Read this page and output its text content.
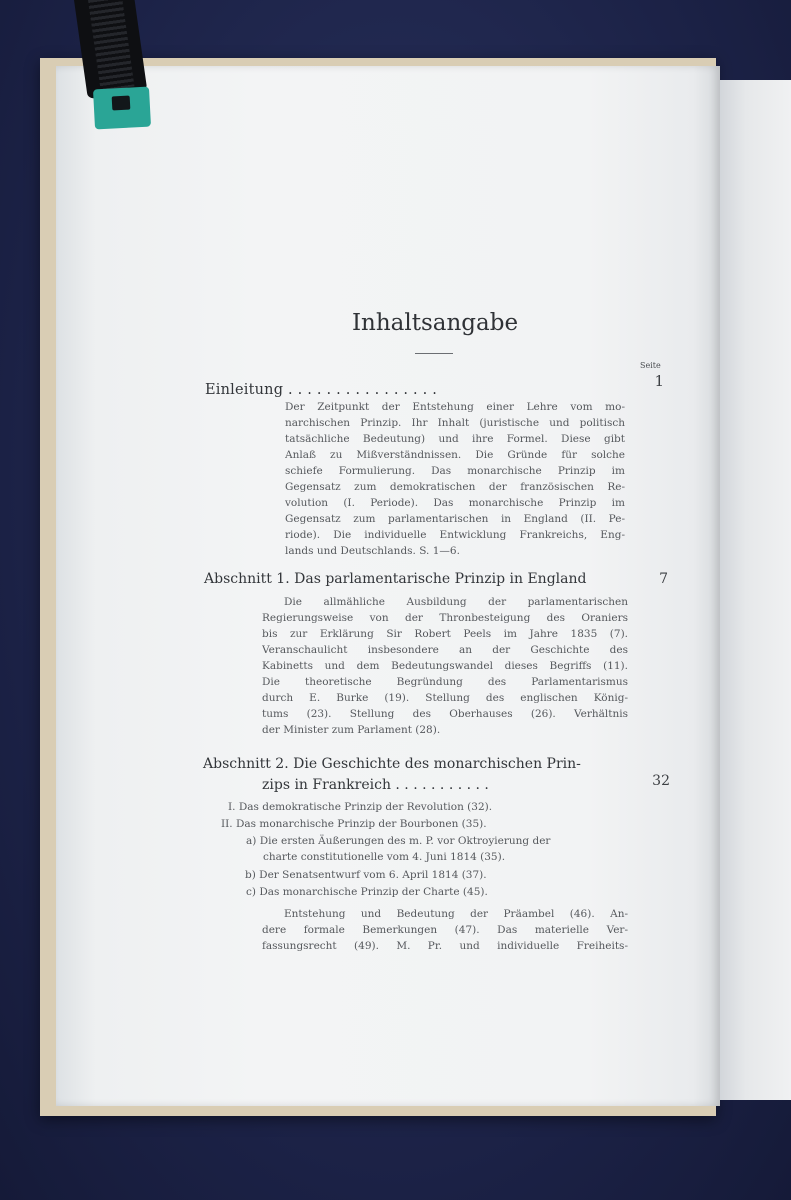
Inhaltsangabe
Seite
Einleitung . . . . . . . . . . . . . . . .	1
Der Zeitpunkt der Entstehung einer Lehre vom mo-
narchischen Prinzip. Ihr Inhalt (juristische und politisch
tatsächliche Bedeutung) und ihre Formel. Diese gibt
Anlaß zu Mißverständnissen. Die Gründe für solche
schiefe Formulierung. Das monarchische Prinzip im
Gegensatz zum demokratischen der französischen Re-
volution (I. Periode). Das monarchische Prinzip im
Gegensatz zum parlamentarischen in England (II. Pe-
riode). Die individuelle Entwicklung Frankreichs, Eng-
lands und Deutschlands. S. 1—6.
Abschnitt 1. Das parlamentarische Prinzip in England	7
Die allmähliche Ausbildung der parlamentarischen
Regierungsweise von der Thronbesteigung des Oraniers
bis zur Erklärung Sir Robert Peels im Jahre 1835 (7).
Veranschaulicht insbesondere an der Geschichte des
Kabinetts und dem Bedeutungswandel dieses Begriffs (11).
Die theoretische Begründung des Parlamentarismus
durch E. Burke (19). Stellung des englischen König-
tums (23). Stellung des Oberhauses (26). Verhältnis
der Minister zum Parlament (28).
Abschnitt 2. Die Geschichte des monarchischen Prin-
zips in Frankreich . . . . . . . . . . .	32
I. Das demokratische Prinzip der Revolution (32).
II. Das monarchische Prinzip der Bourbonen (35).
a) Die ersten Äußerungen des m. P. vor Oktroyierung der
charte constitutionelle vom 4. Juni 1814 (35).
b) Der Senatsentwurf vom 6. April 1814 (37).
c) Das monarchische Prinzip der Charte (45).
Entstehung und Bedeutung der Präambel (46). An-
dere formale Bemerkungen (47). Das materielle Ver-
fassungsrecht (49). M. Pr. und individuelle Freiheits-
